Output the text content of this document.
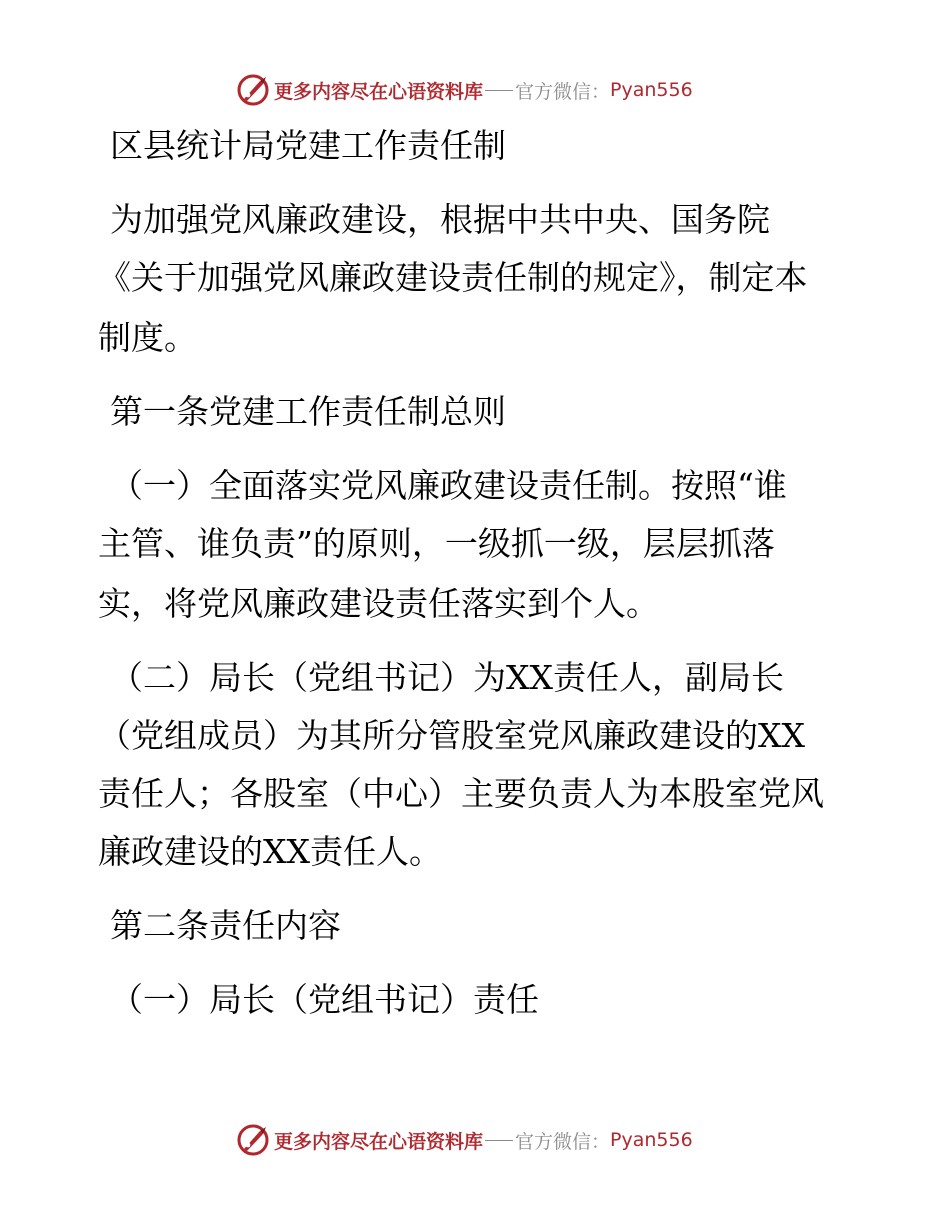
更多内容尽在心语资料库 官方微信： Pyan556
区县统计局党建工作责任制
为加强党风廉政建设，根据中共中央、国务院
《关于加强党风廉政建设责任制的规定》，制定本
制度。
第一条党建工作责任制总则
（一）全面落实党风廉政建设责任制。按照“谁
主管、谁负责”的原则，一级抓一级，层层抓落
实，将党风廉政建设责任落实到个人。
（二）局长（党组书记）为XX责任人，副局长
（党组成员）为其所分管股室党风廉政建设的XX
责任人；各股室（中心）主要负责人为本股室党风
廉政建设的XX责任人。
第二条责任内容
（一）局长（党组书记）责任
更多内容尽在心语资料库 官方微信： Pyan556
